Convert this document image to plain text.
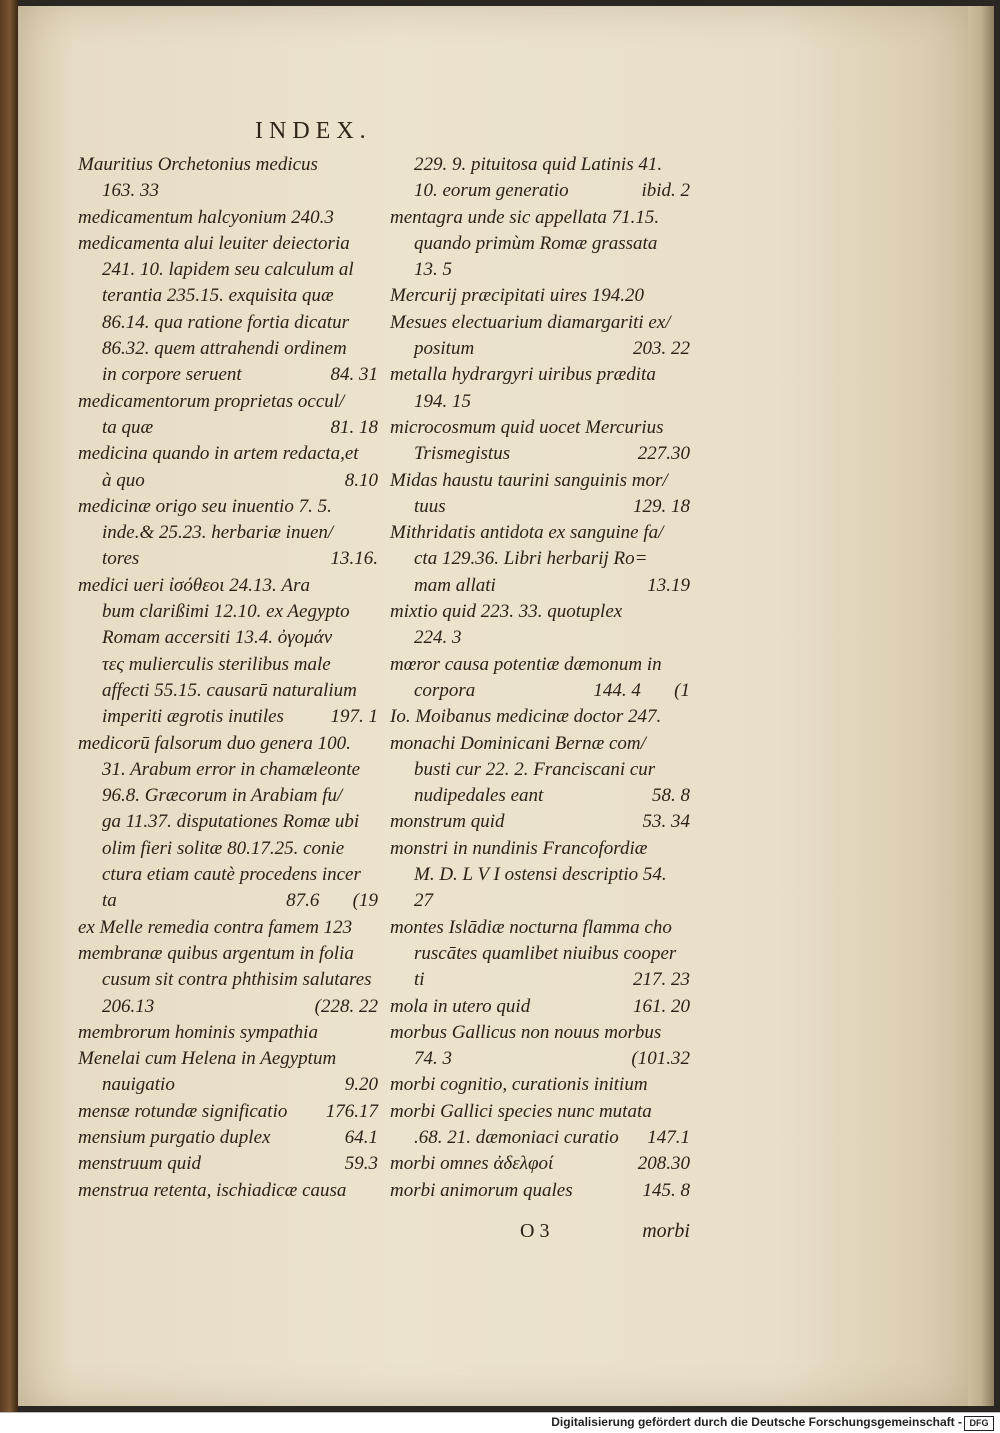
INDEX.
Mauritius Orchetonius medicus
163. 33
medicamentum halcyonium 240.3
medicamenta alui leuiter deiectoria
241. 10. lapidem seu calculum al
terantia 235.15. exquisita quæ
86.14. qua ratione fortia dicatur
86.32. quem attrahendi ordinem
in corpore seruent	84. 31
medicamentorum proprietas occul/
ta quæ	81. 18
medicina quando in artem redacta,et
à quo	8.10
medicinæ origo seu inuentio 7. 5.
inde.& 25.23. herbariæ inuen/
tores	13.16.
medici ueri ἰσόθεοι 24.13. Ara
bum clarißimi 12.10. ex Aegypto
Romam accersiti 13.4. ὀγομάν
τες mulierculis sterilibus male
affecti 55.15. causarū naturalium
imperiti ægrotis inutiles 197. 1
medicorū falsorum duo genera 100.
31. Arabum error in chamæleonte
96.8. Græcorum in Arabiam fu/
ga 11.37. disputationes Romæ ubi
olim fieri solitæ 80.17.25. conie
ctura etiam cautè procedens incer
ta	87.6       (19
ex Melle remedia contra famem 123
membranæ quibus argentum in folia
cusum sit contra phthisim salutares
206.13	(228. 22
membrorum hominis sympathia
Menelai cum Helena in Aegyptum
nauigatio	9.20
mensæ rotundæ significatio 176.17
mensium purgatio duplex	64.1
menstruum quid	59.3
menstrua retenta, ischiadicæ causa
229. 9. pituitosa quid Latinis 41.
10. eorum generatio	ibid. 2
mentagra unde sic appellata 71.15.
quando primùm Romæ grassata
13. 5
Mercurij præcipitati uires 194.20
Mesues electuarium diamargariti ex/
positum	203. 22
metalla hydrargyri uiribus prædita
194. 15
microcosmum quid uocet Mercurius
Trismegistus	227.30
Midas haustu taurini sanguinis mor/
tuus	129. 18
Mithridatis antidota ex sanguine fa/
cta 129.36. Libri herbarij Ro=
mam allati	13.19
mixtio quid 223. 33. quotuplex
224. 3
mœror causa potentiæ dæmonum in
corpora	144. 4       (1
Io. Moibanus medicinæ doctor 247.
monachi Dominicani Bernæ com/
busti cur 22. 2. Franciscani cur
nudipedales eant	58. 8
monstrum quid	53. 34
monstri in nundinis Francofordiæ
M. D. L V I ostensi descriptio 54.
27
montes Islādiæ nocturna flamma cho
ruscātes quamlibet niuibus cooper
ti	217. 23
mola in utero quid	161. 20
morbus Gallicus non nouus morbus
74. 3	(101.32
morbi cognitio, curationis initium
morbi Gallici species nunc mutata
.68. 21. dæmoniaci curatio 147.1
morbi omnes ἀδελφοί	208.30
morbi animorum quales	145. 8
O 3	morbi
Digitalisierung gefördert durch die Deutsche Forschungsgemeinschaft - DFG
